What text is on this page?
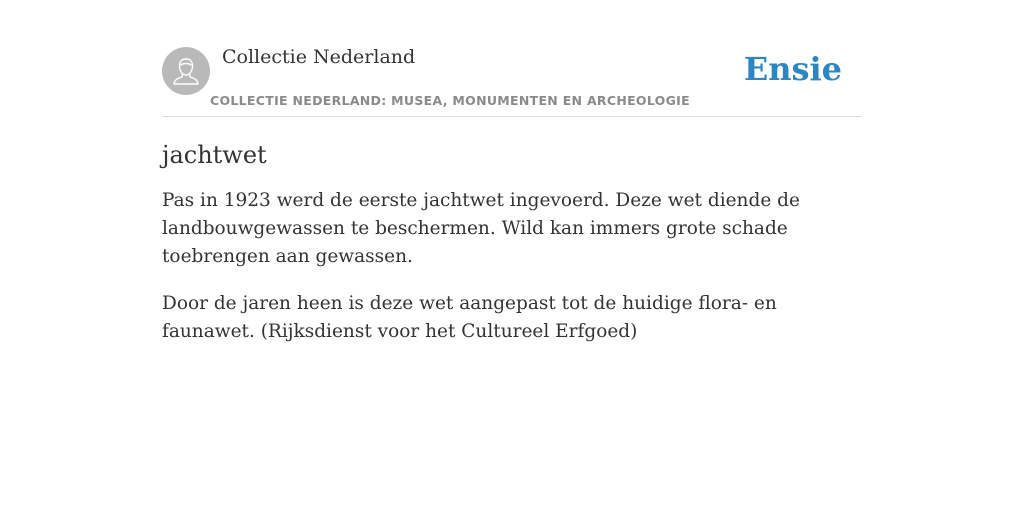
Collectie Nederland
COLLECTIE NEDERLAND: MUSEA, MONUMENTEN EN ARCHEOLOGIE
Ensie
jachtwet

Pas in 1923 werd de eerste jachtwet ingevoerd. Deze wet diende de landbouwgewassen te beschermen. Wild kan immers grote schade toebrengen aan gewassen.

Door de jaren heen is deze wet aangepast tot de huidige flora- en faunawet. (Rijksdienst voor het Cultureel Erfgoed)
